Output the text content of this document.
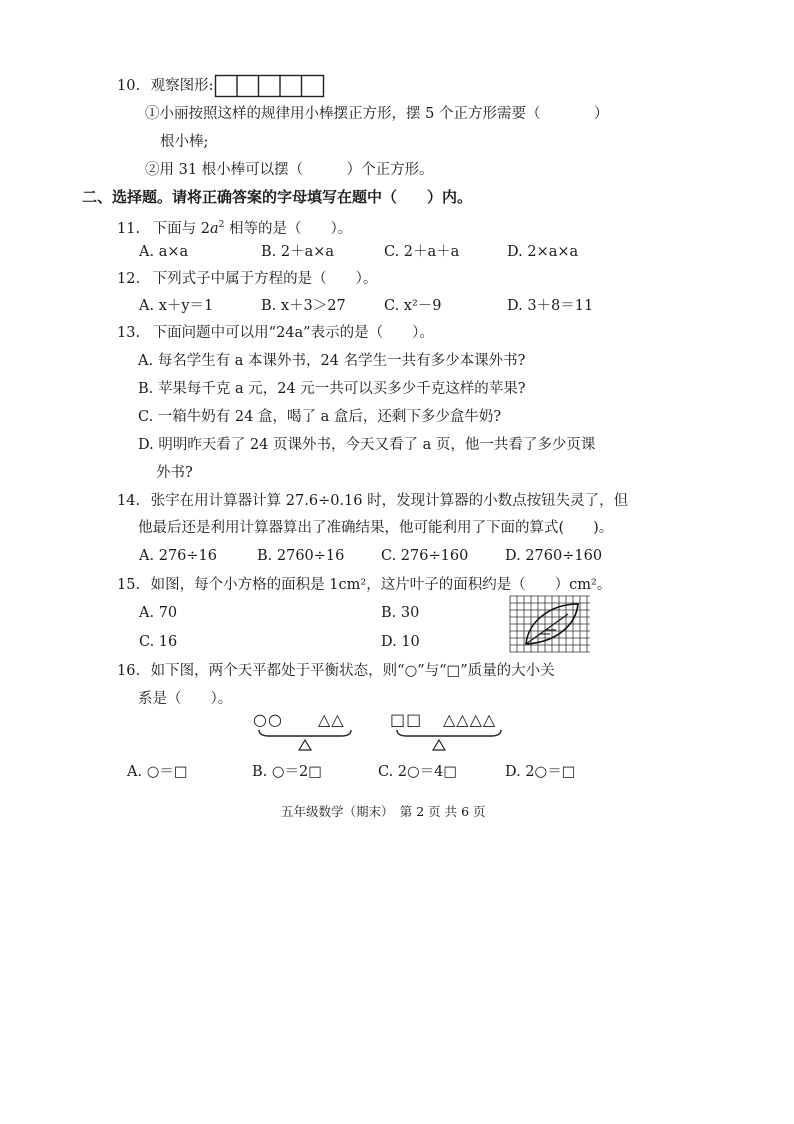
10. 观察图形:
①小丽按照这样的规律用小棒摆正方形，摆 5 个正方形需要（	）
根小棒;
②用 31 根小棒可以摆（　　　）个正方形。
二、选择题。请将正确答案的字母填写在题中（　　）内。
11. 下面与 $2a^2$ 相等的是（　　）。
A. a×a	B. 2＋a×a	C. 2＋a＋a	D. 2×a×a
12. 下列式子中属于方程的是（　　）。
A. x＋y＝1	B. x＋3＞27	C. x²－9	D. 3＋8＝11
13. 下面问题中可以用“24a”表示的是（　　）。
A. 每名学生有 a 本课外书，24 名学生一共有多少本课外书?
B. 苹果每千克 a 元，24 元一共可以买多少千克这样的苹果?
C. 一箱牛奶有 24 盒，喝了 a 盒后，还剩下多少盒牛奶?
D. 明明昨天看了 24 页课外书，今天又看了 a 页，他一共看了多少页课
外书?
14. 张宇在用计算器计算 27.6÷0.16 时，发现计算器的小数点按钮失灵了，但
他最后还是利用计算器算出了准确结果，他可能利用了下面的算式(　　)。
A. 276÷16	B. 2760÷16	C. 276÷160	D. 2760÷160
15. 如图，每个小方格的面积是 1cm²，这片叶子的面积约是（　　）cm²。
A. 70	B. 30
C. 16	D. 10
16. 如下图，两个天平都处于平衡状态，则“○”与“□”质量的大小关
系是（　　）。
○○ △△	□□ △△△△
A. ○＝□	B. ○＝2□	C. 2○＝4□	D. 2○＝□
五年级数学（期末）　第 2 页 共 6 页
